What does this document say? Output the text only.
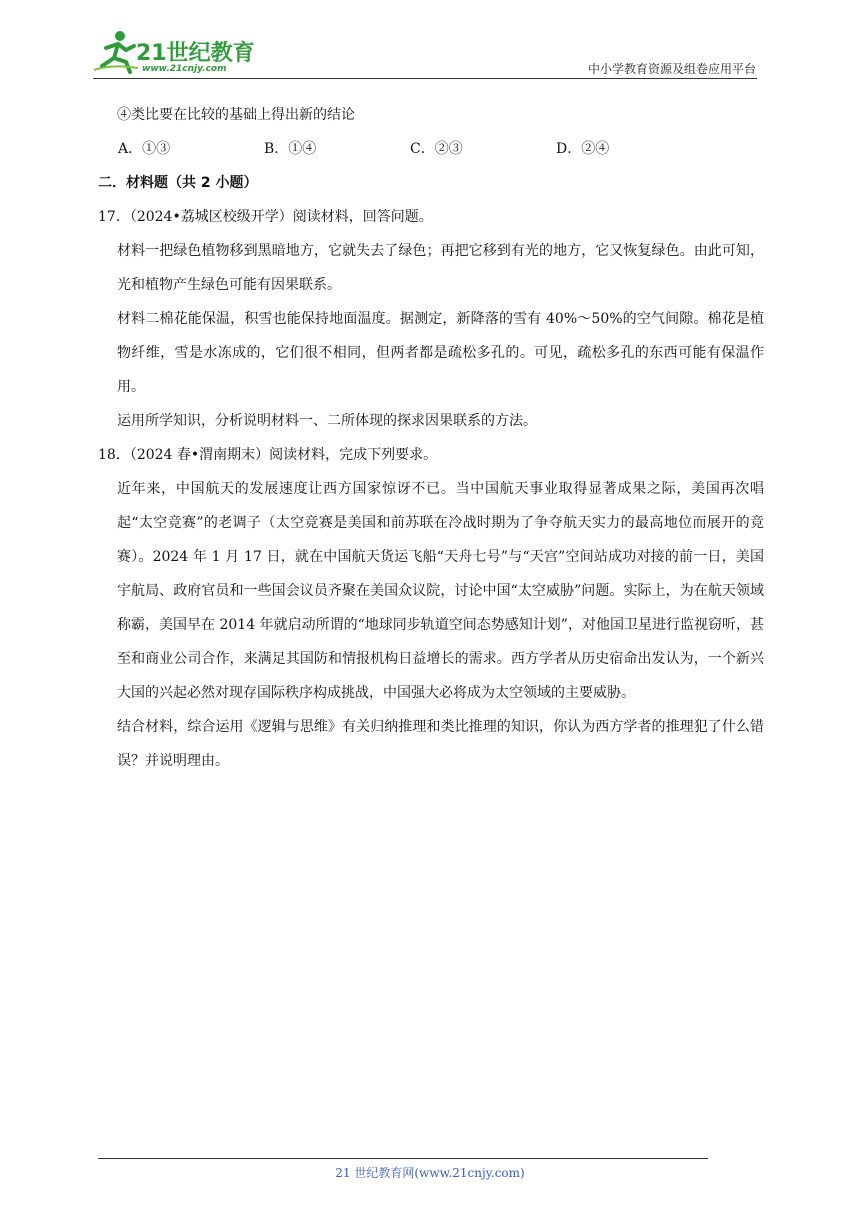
21世纪教育
www.21cnjy.com	中小学教育资源及组卷应用平台

④类比要在比较的基础上得出新的结论

A．①③	B．①④	C．②③	D．②④

二．材料题（共 2 小题）

17．（2024•荔城区校级开学）阅读材料，回答问题。

材料一把绿色植物移到黑暗地方，它就失去了绿色；再把它移到有光的地方，它又恢复绿色。由此可知，光和植物产生绿色可能有因果联系。

材料二棉花能保温，积雪也能保持地面温度。据测定，新降落的雪有 40%～50%的空气间隙。棉花是植物纤维，雪是水冻成的，它们很不相同，但两者都是疏松多孔的。可见，疏松多孔的东西可能有保温作用。

运用所学知识，分析说明材料一、二所体现的探求因果联系的方法。

18．（2024 春•渭南期末）阅读材料，完成下列要求。

近年来，中国航天的发展速度让西方国家惊讶不已。当中国航天事业取得显著成果之际，美国再次唱起“太空竞赛”的老调子（太空竞赛是美国和前苏联在冷战时期为了争夺航天实力的最高地位而展开的竞赛）。2024 年 1 月 17 日，就在中国航天货运飞船“天舟七号”与“天宫”空间站成功对接的前一日，美国宇航局、政府官员和一些国会议员齐聚在美国众议院，讨论中国“太空威胁”问题。实际上，为在航天领域称霸，美国早在 2014 年就启动所谓的“地球同步轨道空间态势感知计划”，对他国卫星进行监视窃听，甚至和商业公司合作，来满足其国防和情报机构日益增长的需求。西方学者从历史宿命出发认为，一个新兴大国的兴起必然对现存国际秩序构成挑战，中国强大必将成为太空领域的主要威胁。

结合材料，综合运用《逻辑与思维》有关归纳推理和类比推理的知识，你认为西方学者的推理犯了什么错误？并说明理由。

21 世纪教育网(www.21cnjy.com)
